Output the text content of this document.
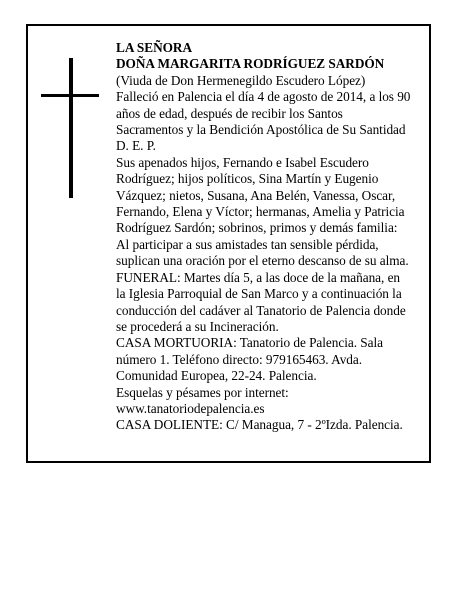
LA SEÑORA
DOÑA MARGARITA RODRÍGUEZ SARDÓN
(Viuda de Don Hermenegildo Escudero López)
Falleció en Palencia el día 4 de agosto de 2014, a los 90
años de edad, después de recibir los Santos
Sacramentos y la Bendición Apostólica de Su Santidad
D. E. P.
Sus apenados hijos, Fernando e Isabel Escudero
Rodríguez; hijos políticos, Sina Martín y Eugenio
Vázquez; nietos, Susana, Ana Belén, Vanessa, Oscar,
Fernando, Elena y Víctor; hermanas, Amelia y Patricia
Rodríguez Sardón; sobrinos, primos y demás familia:
Al participar a sus amistades tan sensible pérdida,
suplican una oración por el eterno descanso de su alma.
FUNERAL: Martes día 5, a las doce de la mañana, en
la Iglesia Parroquial de San Marco y a continuación la
conducción del cadáver al Tanatorio de Palencia donde
se procederá a su Incineración.
CASA MORTUORIA: Tanatorio de Palencia. Sala
número 1. Teléfono directo: 979165463. Avda.
Comunidad Europea, 22-24. Palencia.
Esquelas y pésames por internet:
www.tanatoriodepalencia.es
CASA DOLIENTE: C/ Managua, 7 - 2ºIzda. Palencia.
